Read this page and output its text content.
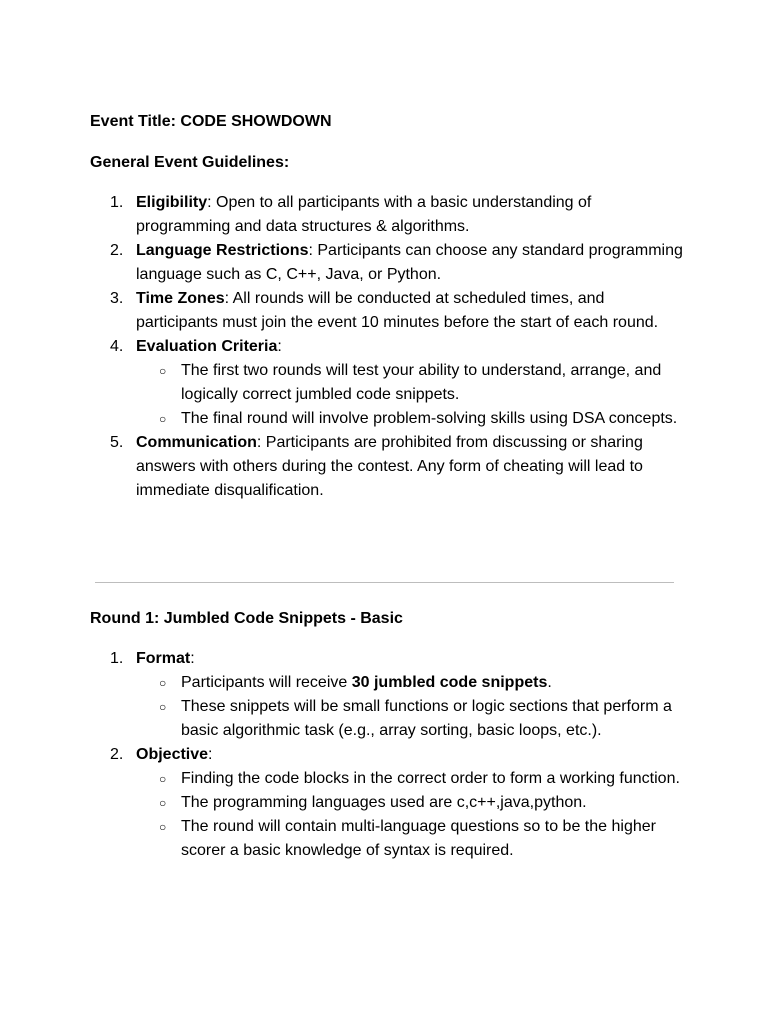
Event Title: CODE SHOWDOWN
General Event Guidelines:
1. Eligibility: Open to all participants with a basic understanding of programming and data structures & algorithms.
2. Language Restrictions: Participants can choose any standard programming language such as C, C++, Java, or Python.
3. Time Zones: All rounds will be conducted at scheduled times, and participants must join the event 10 minutes before the start of each round.
4. Evaluation Criteria:
○ The first two rounds will test your ability to understand, arrange, and logically correct jumbled code snippets.
○ The final round will involve problem-solving skills using DSA concepts.
5. Communication: Participants are prohibited from discussing or sharing answers with others during the contest. Any form of cheating will lead to immediate disqualification.
Round 1: Jumbled Code Snippets - Basic
1. Format:
○ Participants will receive 30 jumbled code snippets.
○ These snippets will be small functions or logic sections that perform a basic algorithmic task (e.g., array sorting, basic loops, etc.).
2. Objective:
○ Finding the code blocks in the correct order to form a working function.
○ The programming languages used are c,c++,java,python.
○ The round will contain multi-language questions so to be the higher scorer a basic knowledge of syntax is required.
